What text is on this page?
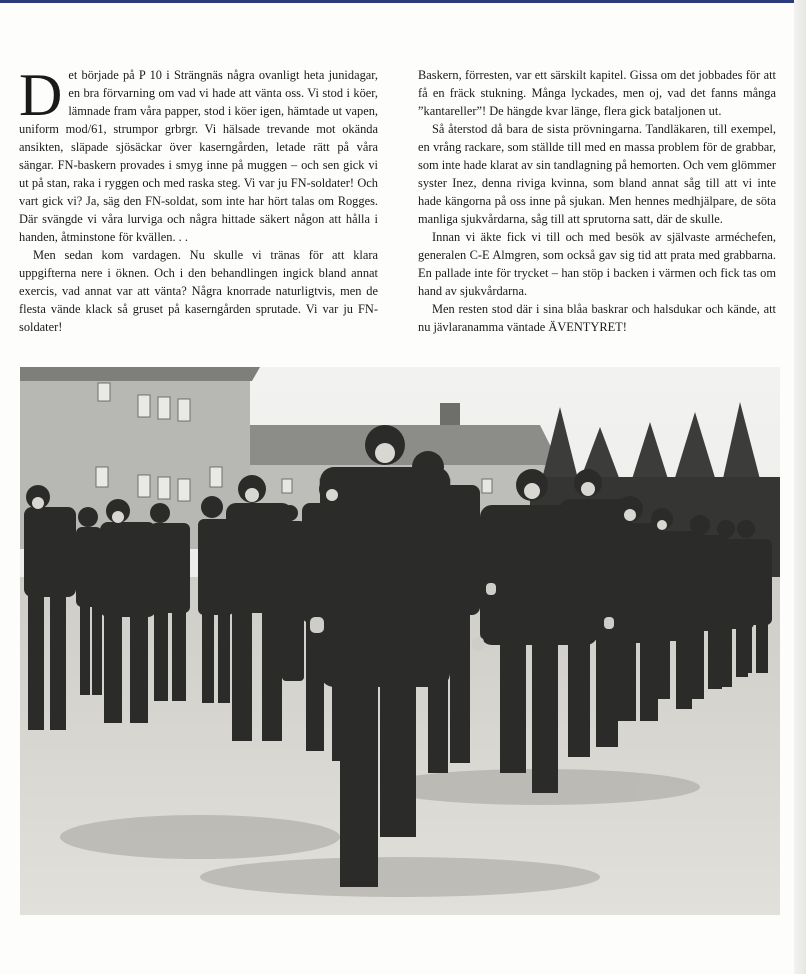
Det började på P 10 i Strängnäs några ovanligt heta junidagar, en bra förvarning om vad vi hade att vänta oss. Vi stod i köer, lämnade fram våra papper, stod i köer igen, hämtade ut vapen, uniform mod/61, strumpor grbrgr. Vi hälsade trevande mot okända ansikten, släpade sjösäckar över kaserngården, letade rätt på våra sängar. FN-baskern provades i smyg inne på muggen – och sen gick vi ut på stan, raka i ryggen och med raska steg. Vi var ju FN-soldater! Och vart gick vi? Ja, säg den FN-soldat, som inte har hört talas om Rogges. Där svängde vi våra lurviga och några hittade säkert någon att hålla i handen, åtminstone för kvällen. . .

Men sedan kom vardagen. Nu skulle vi tränas för att klara uppgifterna nere i öknen. Och i den behandlingen ingick bland annat exercis, vad annat var att vänta? Några knorrade naturligtvis, men de flesta vände klack så gruset på kaserngården sprutade. Vi var ju FN-soldater!

Baskern, förresten, var ett särskilt kapitel. Gissa om det jobbades för att få en fräck stukning. Många lyckades, men oj, vad det fanns många ”kantareller”! De hängde kvar länge, flera gick bataljonen ut.

Så återstod då bara de sista prövningarna. Tandläkaren, till exempel, en vrång rackare, som ställde till med en massa problem för de grabbar, som inte hade klarat av sin tandlagning på hemorten. Och vem glömmer syster Inez, denna riviga kvinna, som bland annat såg till att vi inte hade kängorna på oss inne på sjukan. Men hennes medhjälpare, de söta manliga sjukvårdarna, såg till att sprutorna satt, där de skulle.

Innan vi äkte fick vi till och med besök av självaste arméchefen, generalen C-E Almgren, som också gav sig tid att prata med grabbarna. En pallade inte för trycket – han stöp i backen i värmen och fick tas om hand av sjukvårdarna.

Men resten stod där i sina blåa baskrar och halsdukar och kände, att nu jävlaranamma väntade ÄVENTYRET!
